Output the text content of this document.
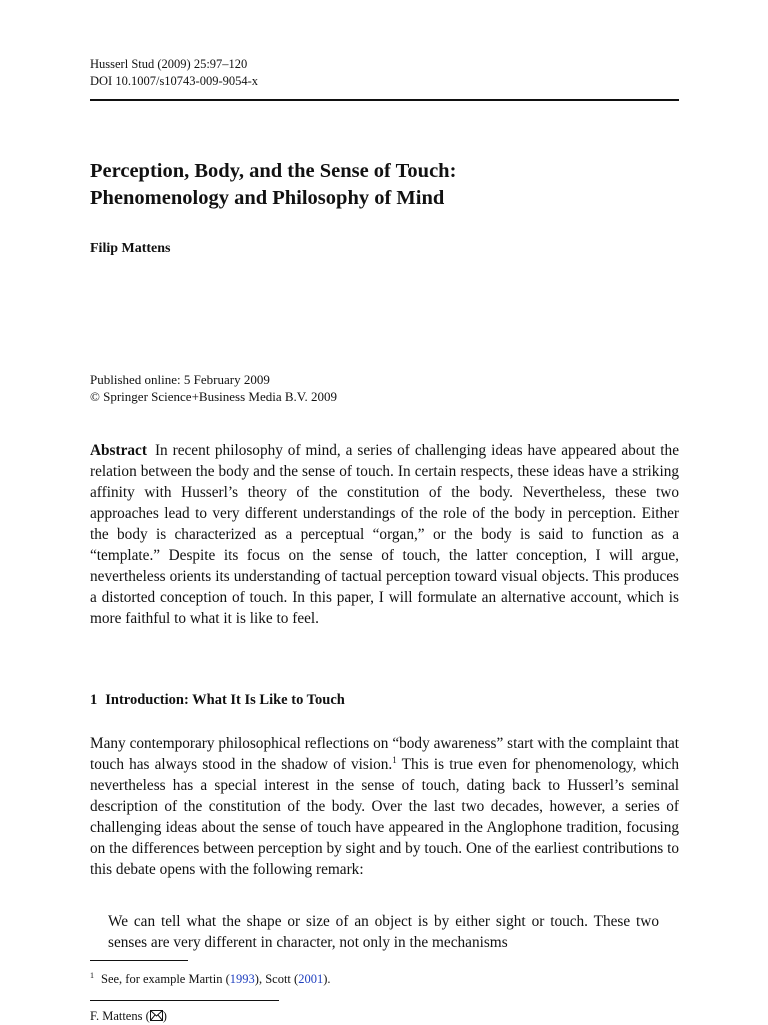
Husserl Stud (2009) 25:97–120
DOI 10.1007/s10743-009-9054-x
Perception, Body, and the Sense of Touch:
Phenomenology and Philosophy of Mind
Filip Mattens
Published online: 5 February 2009
© Springer Science+Business Media B.V. 2009
Abstract In recent philosophy of mind, a series of challenging ideas have appeared about the relation between the body and the sense of touch. In certain respects, these ideas have a striking affinity with Husserl’s theory of the constitution of the body. Nevertheless, these two approaches lead to very different understandings of the role of the body in perception. Either the body is characterized as a perceptual “organ,” or the body is said to function as a “template.” Despite its focus on the sense of touch, the latter conception, I will argue, nevertheless orients its understanding of tactual perception toward visual objects. This produces a distorted conception of touch. In this paper, I will formulate an alternative account, which is more faithful to what it is like to feel.
1 Introduction: What It Is Like to Touch
Many contemporary philosophical reflections on “body awareness” start with the complaint that touch has always stood in the shadow of vision.$^1$ This is true even for phenomenology, which nevertheless has a special interest in the sense of touch, dating back to Husserl’s seminal description of the constitution of the body. Over the last two decades, however, a series of challenging ideas about the sense of touch have appeared in the Anglophone tradition, focusing on the differences between perception by sight and by touch. One of the earliest contributions to this debate opens with the following remark:
We can tell what the shape or size of an object is by either sight or touch. These two senses are very different in character, not only in the mechanisms
$^1$ See, for example Martin (1993), Scott (2001).
F. Mattens ( )
